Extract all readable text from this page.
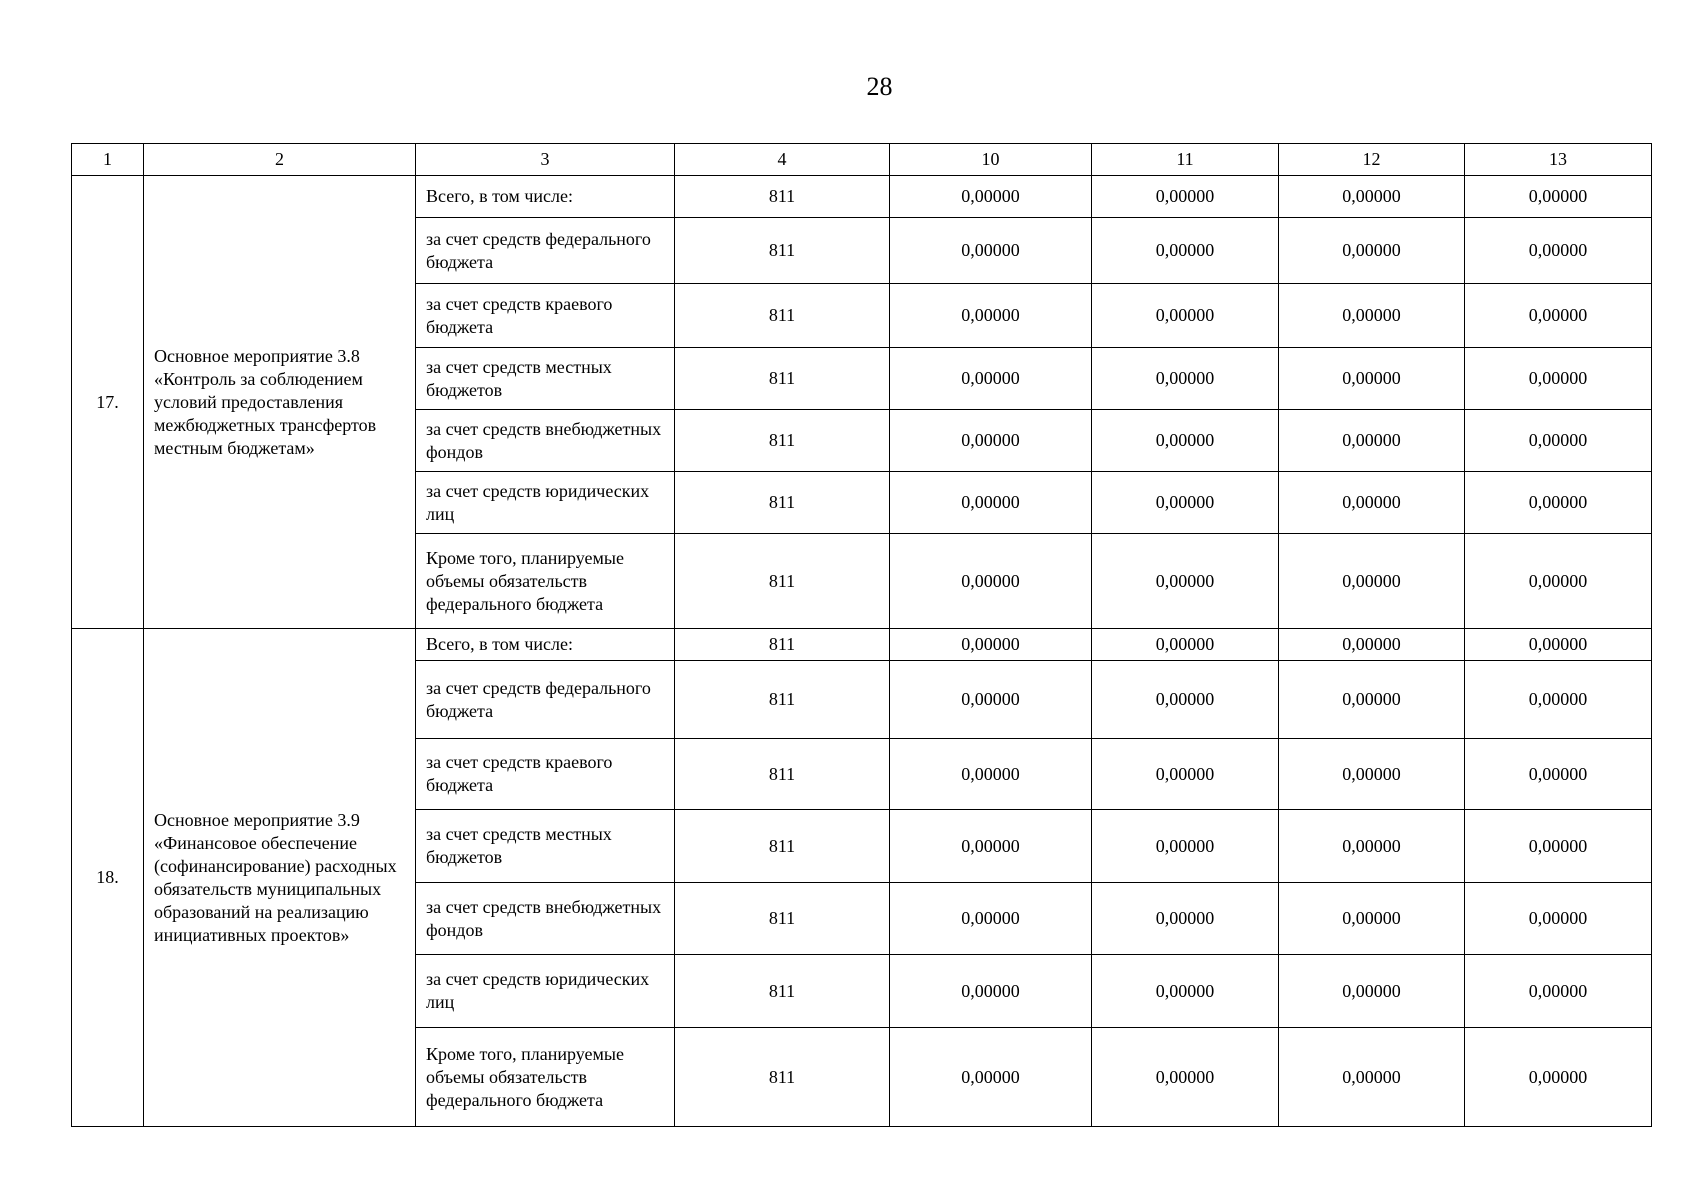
28
1	2	3	4	10	11	12	13
17.	Основное мероприятие 3.8 «Контроль за соблюдением условий предоставления межбюджетных трансфертов местным бюджетам»	Всего, в том числе:	811	0,00000	0,00000	0,00000	0,00000
		за счет средств федерального бюджета	811	0,00000	0,00000	0,00000	0,00000
		за счет средств краевого бюджета	811	0,00000	0,00000	0,00000	0,00000
		за счет средств местных бюджетов	811	0,00000	0,00000	0,00000	0,00000
		за счет средств внебюджетных фондов	811	0,00000	0,00000	0,00000	0,00000
		за счет средств юридических лиц	811	0,00000	0,00000	0,00000	0,00000
		Кроме того, планируемые объемы обязательств федерального бюджета	811	0,00000	0,00000	0,00000	0,00000
18.	Основное мероприятие 3.9 «Финансовое обеспечение (софинансирование) расходных обязательств муниципальных образований на реализацию инициативных проектов»	Всего, в том числе:	811	0,00000	0,00000	0,00000	0,00000
		за счет средств федерального бюджета	811	0,00000	0,00000	0,00000	0,00000
		за счет средств краевого бюджета	811	0,00000	0,00000	0,00000	0,00000
		за счет средств местных бюджетов	811	0,00000	0,00000	0,00000	0,00000
		за счет средств внебюджетных фондов	811	0,00000	0,00000	0,00000	0,00000
		за счет средств юридических лиц	811	0,00000	0,00000	0,00000	0,00000
		Кроме того, планируемые объемы обязательств федерального бюджета	811	0,00000	0,00000	0,00000	0,00000
